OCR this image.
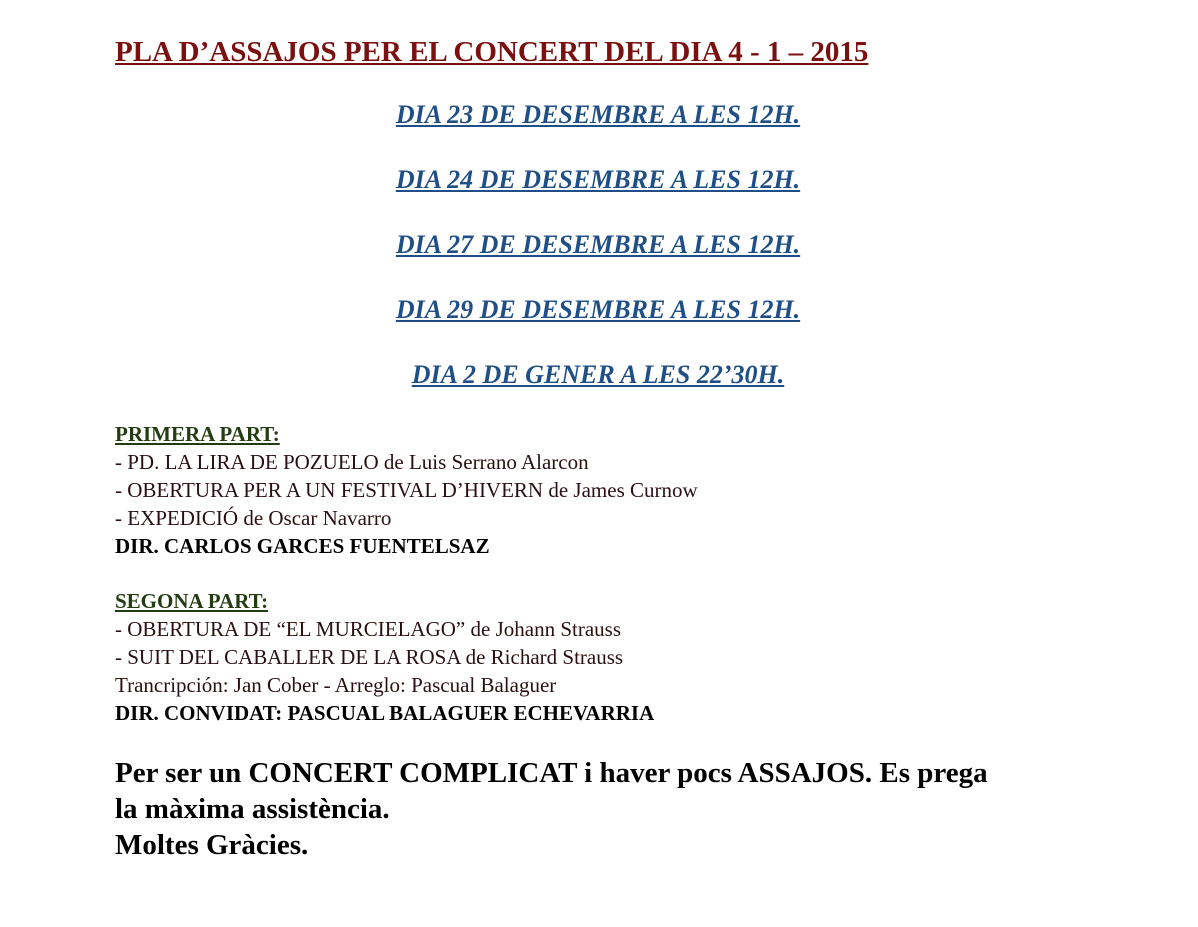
PLA D’ASSAJOS PER EL CONCERT DEL DIA 4 - 1 – 2015
DIA 23 DE DESEMBRE A LES 12H.
DIA 24 DE DESEMBRE A LES 12H.
DIA 27 DE DESEMBRE A LES 12H.
DIA 29 DE DESEMBRE A LES 12H.
DIA 2 DE GENER A LES 22’30H.
PRIMERA PART:
- PD. LA LIRA DE POZUELO de Luis Serrano Alarcon
- OBERTURA PER A UN FESTIVAL D’HIVERN de James Curnow
- EXPEDICIÓ de Oscar Navarro
DIR. CARLOS GARCES FUENTELSAZ
SEGONA PART:
- OBERTURA DE “EL MURCIELAGO” de Johann Strauss
- SUIT DEL CABALLER DE LA ROSA de Richard Strauss
Trancripción: Jan Cober - Arreglo: Pascual Balaguer
DIR. CONVIDAT: PASCUAL BALAGUER ECHEVARRIA
Per ser un CONCERT COMPLICAT i haver pocs ASSAJOS. Es prega
la màxima assistència.
Moltes Gràcies.
